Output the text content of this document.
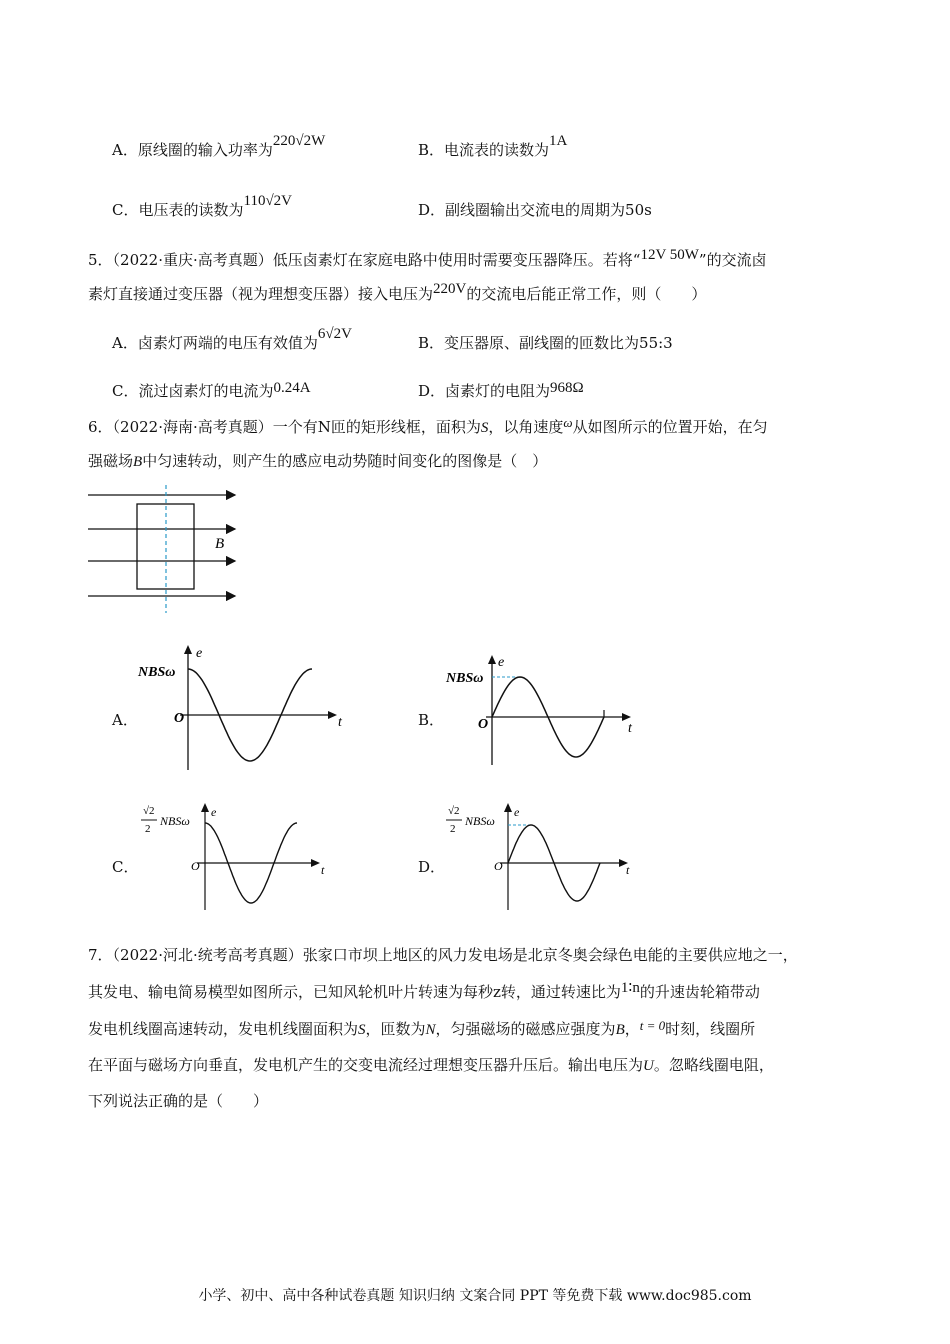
A．原线圈的输入功率为220√2W	B．电流表的读数为1A
C．电压表的读数为110√2V	D．副线圈输出交流电的周期为50s
5．（2022·重庆·高考真题）低压卤素灯在家庭电路中使用时需要变压器降压。若将“12V 50W”的交流卤
素灯直接通过变压器（视为理想变压器）接入电压为220V的交流电后能正常工作，则（　　）
A．卤素灯两端的电压有效值为6√2V	B．变压器原、副线圈的匝数比为55:3
C．流过卤素灯的电流为0.24A	D．卤素灯的电阻为968Ω
6．（2022·海南·高考真题）一个有N匝的矩形线框，面积为S，以角速度ω从如图所示的位置开始，在匀
强磁场B中匀速转动，则产生的感应电动势随时间变化的图像是（　）
B
A．
NBSω
O
e
t	B．
NBSω
O
e
t
C．
√2
2
NBSω
O
e
t	D．
√2
2
NBSω
O
e
t
7．（2022·河北·统考高考真题）张家口市坝上地区的风力发电场是北京冬奥会绿色电能的主要供应地之一，
其发电、输电简易模型如图所示，已知风轮机叶片转速为每秒z转，通过转速比为1∶n的升速齿轮箱带动
发电机线圈高速转动，发电机线圈面积为S，匝数为N，匀强磁场的磁感应强度为B，t = 0时刻，线圈所
在平面与磁场方向垂直，发电机产生的交变电流经过理想变压器升压后。输出电压为U。忽略线圈电阻，
下列说法正确的是（　　）
小学、初中、高中各种试卷真题 知识归纳 文案合同 PPT 等免费下载 www.doc985.com
